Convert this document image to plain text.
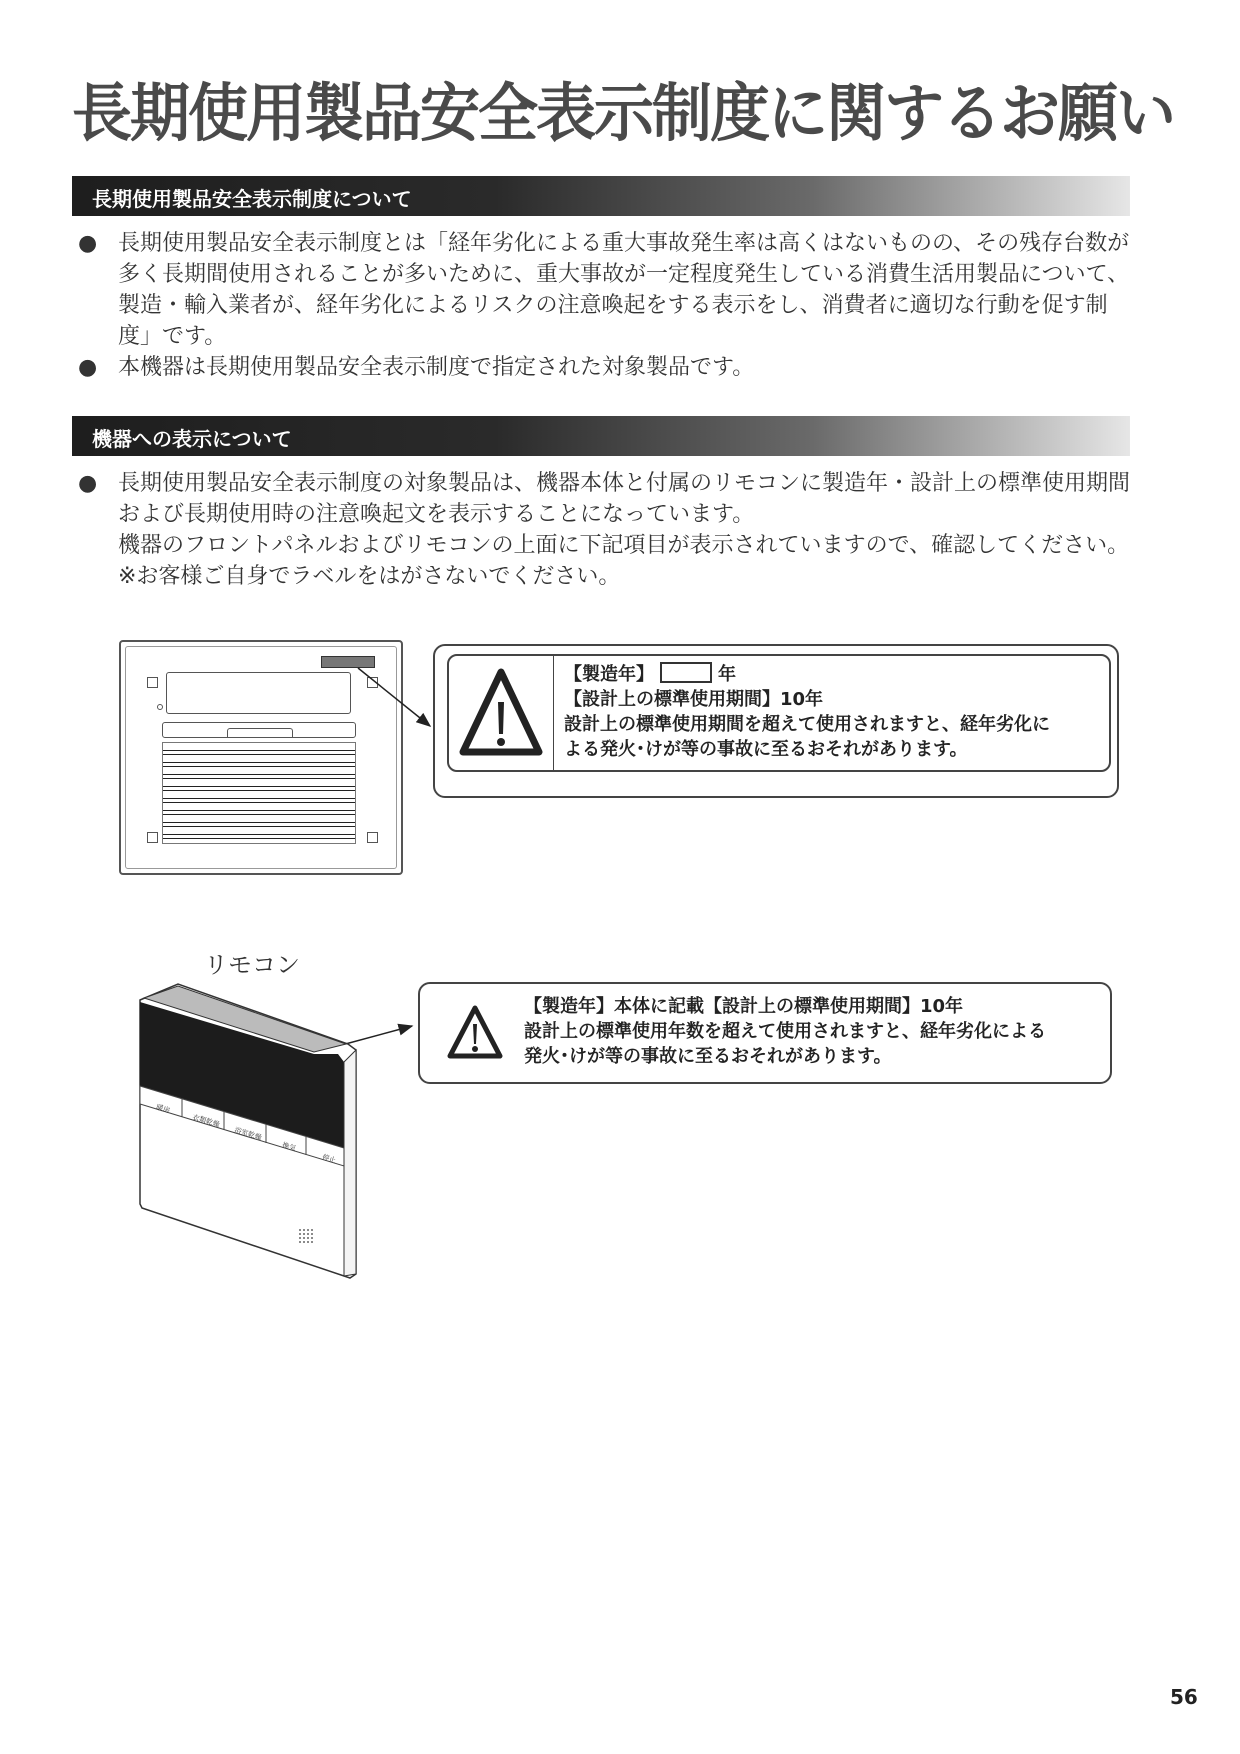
長期使用製品安全表示制度に関するお願い
長期使用製品安全表示制度について

● 長期使用製品安全表示制度とは「経年劣化による重大事故発生率は高くはないものの、その残存台数が多く長期間使用されることが多いために、重大事故が一定程度発生している消費生活用製品について、製造・輸入業者が、経年劣化によるリスクの注意喚起をする表示をし、消費者に適切な行動を促す制度」です。

● 本機器は長期使用製品安全表示制度で指定された対象製品です。

機器への表示について

● 長期使用製品安全表示制度の対象製品は、機器本体と付属のリモコンに製造年・設計上の標準使用期間および長期使用時の注意喚起文を表示することになっています。

機器のフロントパネルおよびリモコンの上面に下記項目が表示されていますので、確認してください。

※お客様ご自身でラベルをはがさないでください。

【製造年】	年
【設計上の標準使用期間】10年
設計上の標準使用期間を超えて使用されますと、経年劣化に
よる発火･けが等の事故に至るおそれがあります。
リモコン
暖房
衣類乾燥
浴室乾燥
換気
停止
【製造年】本体に記載【設計上の標準使用期間】10年
設計上の標準使用年数を超えて使用されますと、経年劣化による
発火･けが等の事故に至るおそれがあります。
56
